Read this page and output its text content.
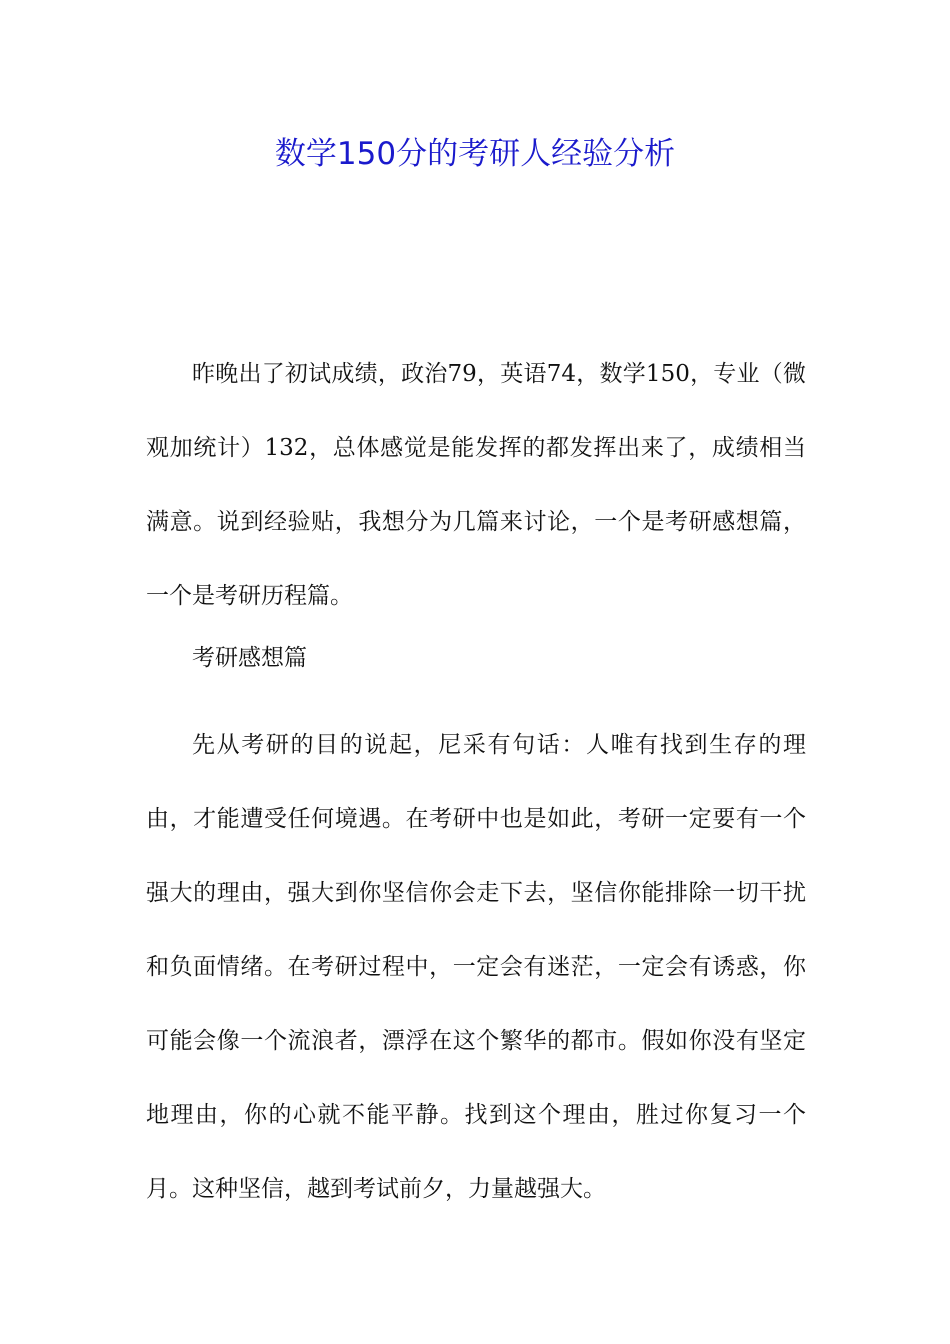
数学150分的考研人经验分析

昨晚出了初试成绩，政治79，英语74，数学150，专业（微观加统计）132，总体感觉是能发挥的都发挥出来了，成绩相当满意。说到经验贴，我想分为几篇来讨论，一个是考研感想篇，一个是考研历程篇。

考研感想篇

先从考研的目的说起，尼采有句话：人唯有找到生存的理由，才能遭受任何境遇。在考研中也是如此，考研一定要有一个强大的理由，强大到你坚信你会走下去，坚信你能排除一切干扰和负面情绪。在考研过程中，一定会有迷茫，一定会有诱惑，你可能会像一个流浪者，漂浮在这个繁华的都市。假如你没有坚定地理由，你的心就不能平静。找到这个理由，胜过你复习一个月。这种坚信，越到考试前夕，力量越强大。
